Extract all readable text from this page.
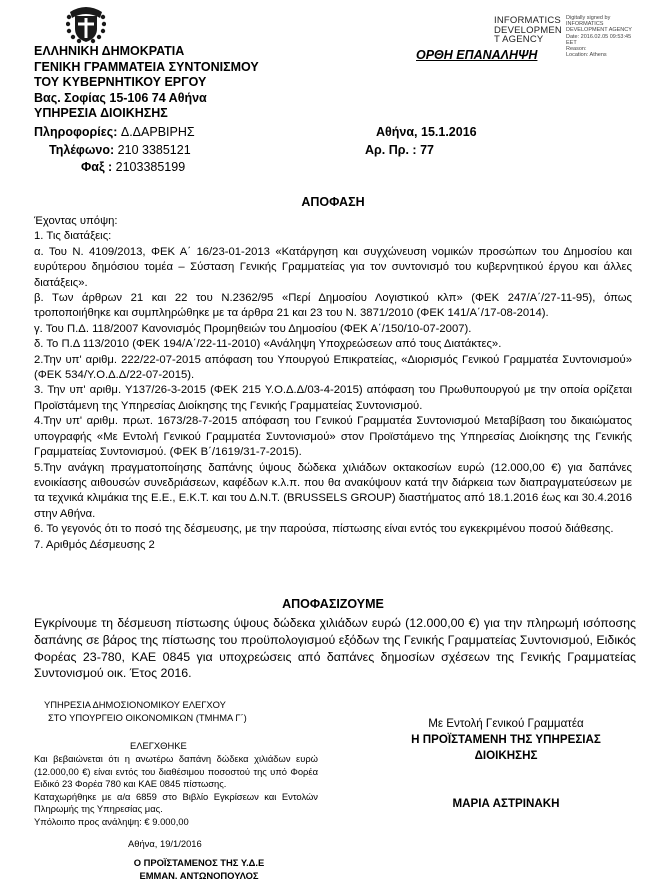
INFORMATICS DEVELOPMEN T AGENCY
Digitally signed by
INFORMATICS
DEVELOPMENT AGENCY
Date: 2016.02.05 09:53:45
EET
Reason:
Location: Athens
ΟΡΘΗ ΕΠΑΝΑΛΗΨΗ
ΕΛΛΗΝΙΚΗ ΔΗΜΟΚΡΑΤΙΑ
ΓΕΝΙΚΗ ΓΡΑΜΜΑΤΕΙΑ ΣΥΝΤΟΝΙΣΜΟΥ
ΤΟΥ ΚΥΒΕΡΝΗΤΙΚΟΥ ΕΡΓΟΥ
Βας. Σοφίας 15-106 74 Αθήνα
ΥΠΗΡΕΣΙΑ ΔΙΟΙΚΗΣΗΣ
Πληροφορίες: Δ.ΔΑΡΒΙΡΗΣ
Τηλέφωνο: 210 3385121
Φαξ : 2103385199
Αθήνα, 15.1.2016
Αρ. Πρ. : 77
ΑΠΟΦΑΣΗ

Έχοντας υπόψη:

1. Τις διατάξεις:

α. Του Ν. 4109/2013, ΦΕΚ Α΄ 16/23-01-2013 «Κατάργηση και συγχώνευση νομικών προσώπων του Δημοσίου και ευρύτερου δημόσιου τομέα – Σύσταση Γενικής Γραμματείας για τον συντονισμό του κυβερνητικού έργου και άλλες διατάξεις».

β. Των άρθρων 21 και 22 του Ν.2362/95 «Περί Δημοσίου Λογιστικού κλπ» (ΦΕΚ 247/Α΄/27-11-95), όπως τροποποιήθηκε και συμπληρώθηκε με τα άρθρα 21 και 23 του Ν. 3871/2010 (ΦΕΚ 141/Α΄/17-08-2014).

γ. Του Π.Δ. 118/2007 Κανονισμός Προμηθειών του Δημοσίου (ΦΕΚ Α΄/150/10-07-2007).

δ. Το Π.Δ 113/2010 (ΦΕΚ 194/Α΄/22-11-2010) «Ανάληψη Υποχρεώσεων από τους Διατάκτες».

2.Την υπ' αριθμ. 222/22-07-2015 απόφαση του Υπουργού Επικρατείας, «Διορισμός Γενικού Γραμματέα Συντονισμού» (ΦΕΚ 534/Υ.Ο.Δ.Δ/22-07-2015).

3. Την υπ' αριθμ. Υ137/26-3-2015 (ΦΕΚ 215 Υ.Ο.Δ.Δ/03-4-2015) απόφαση του Πρωθυπουργού με την οποία ορίζεται Προϊστάμενη της Υπηρεσίας Διοίκησης της Γενικής Γραμματείας Συντονισμού.

4.Την υπ' αριθμ. πρωτ. 1673/28-7-2015 απόφαση του Γενικού Γραμματέα Συντονισμού Μεταβίβαση του δικαιώματος υπογραφής «Με Εντολή Γενικού Γραμματέα Συντονισμού» στον Προϊστάμενο της Υπηρεσίας Διοίκησης της Γενικής Γραμματείας Συντονισμού. (ΦΕΚ Β΄/1619/31-7-2015).

5.Την ανάγκη πραγματοποίησης δαπάνης ύψους δώδεκα χιλιάδων οκτακοσίων ευρώ (12.000,00 €) για δαπάνες ενοικίασης αιθουσών συνεδριάσεων, καφέδων κ.λ.π. που θα ανακύψουν κατά την διάρκεια των διαπραγματεύσεων με τα τεχνικά κλιμάκια της Ε.Ε., Ε.Κ.Τ. και του Δ.Ν.Τ. (BRUSSELS GROUP) διαστήματος από 18.1.2016 έως και 30.4.2016 στην Αθήνα.

6. Το γεγονός ότι το ποσό της δέσμευσης, με την παρούσα, πίστωσης είναι εντός του εγκεκριμένου ποσού διάθεσης.

7. Αριθμός Δέσμευσης 2

ΑΠΟΦΑΣΙΖΟΥΜΕ
Εγκρίνουμε τη δέσμευση πίστωσης ύψους δώδεκα χιλιάδων ευρώ (12.000,00 €) για την πληρωμή ισόποσης δαπάνης σε βάρος της πίστωσης του προϋπολογισμού εξόδων της Γενικής Γραμματείας Συντονισμού, Ειδικός Φορέας 23-780, ΚΑΕ 0845 για υποχρεώσεις από δαπάνες δημοσίων σχέσεων της Γενικής Γραμματείας Συντονισμού οικ. Έτος 2016.
ΥΠΗΡΕΣΙΑ ΔΗΜΟΣΙΟΝΟΜΙΚΟΥ ΕΛΕΓΧΟΥ
ΣΤΟ ΥΠΟΥΡΓΕΙΟ ΟΙΚΟΝΟΜΙΚΩΝ (ΤΜΗΜΑ Γ΄)
ΕΛΕΓΧΘΗΚΕ

Και βεβαιώνεται ότι η ανωτέρω δαπάνη δώδεκα χιλιάδων ευρώ (12.000,00 €) είναι εντός του διαθέσιμου ποσοστού της υπό Φορέα Ειδικό 23 Φορέα 780 και ΚΑΕ 0845 πίστωσης.

Καταχωρήθηκε με α/α 6859 στο Βιβλίο Εγκρίσεων και Εντολών Πληρωμής της Υπηρεσίας μας.

Υπόλοιπο προς ανάληψη: € 9.000,00

Αθήνα, 19/1/2016
Ο ΠΡΟΪΣΤΑΜΕΝΟΣ ΤΗΣ Υ.Δ.Ε
ΕΜΜΑΝ. ΑΝΤΩΝΟΠΟΥΛΟΣ
Με Εντολή Γενικού Γραμματέα
Η ΠΡΟΪΣΤΑΜΕΝΗ ΤΗΣ ΥΠΗΡΕΣΙΑΣ
ΔΙΟΙΚΗΣΗΣ
ΜΑΡΙΑ ΑΣΤΡΙΝΑΚΗ
